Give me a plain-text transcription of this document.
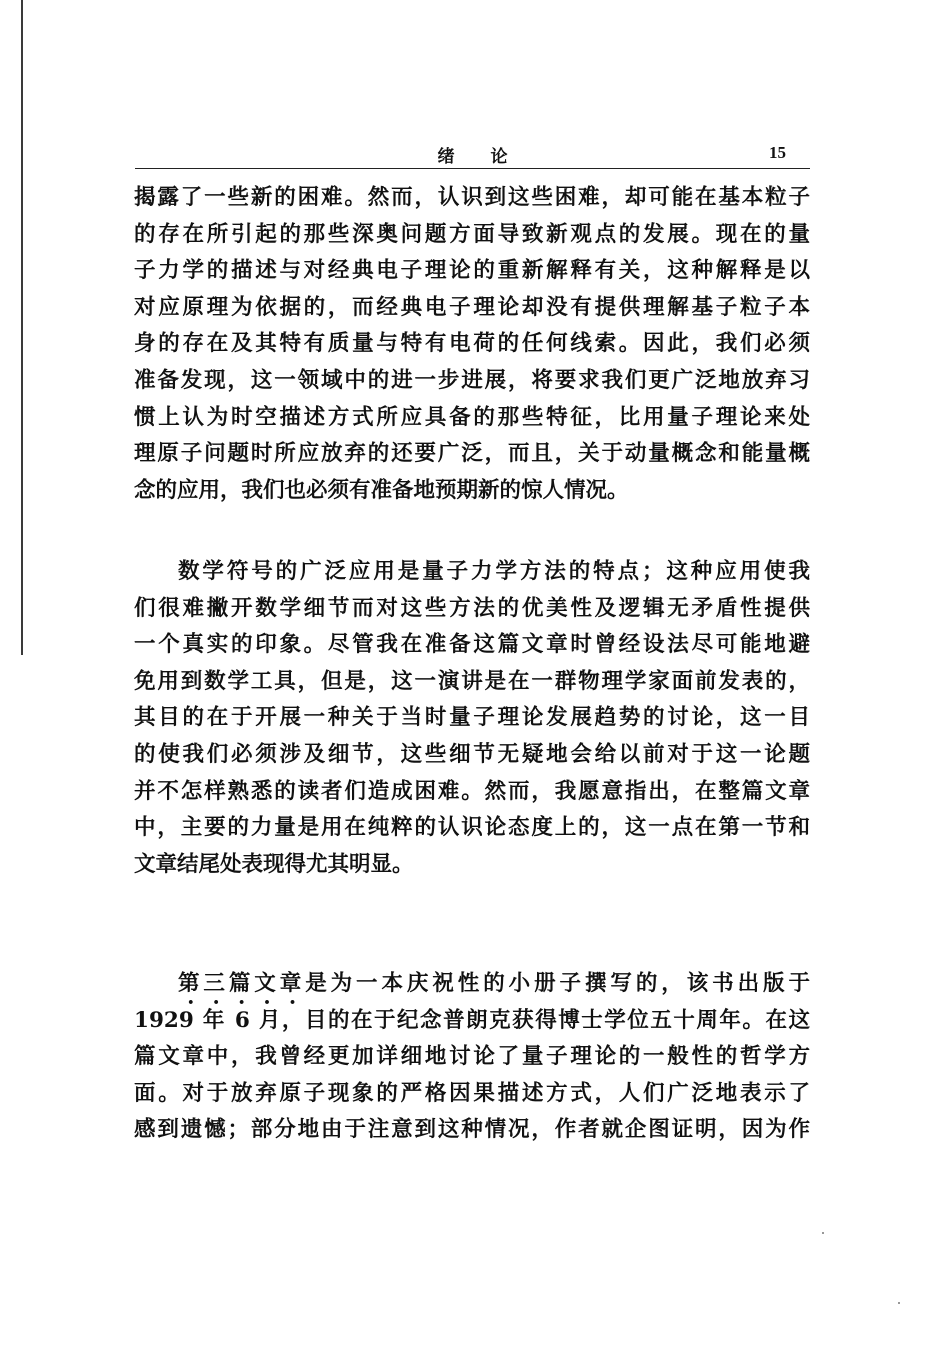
绪论	15
揭露了一些新的困难。然而，认识到这些困难，却可能在基本粒子
的存在所引起的那些深奥问题方面导致新观点的发展。现在的量
子力学的描述与对经典电子理论的重新解释有关，这种解释是以
对应原理为依据的，而经典电子理论却没有提供理解基子粒子本
身的存在及其特有质量与特有电荷的任何线索。因此，我们必须
准备发现，这一领域中的进一步进展，将要求我们更广泛地放弃习
惯上认为时空描述方式所应具备的那些特征，比用量子理论来处
理原子问题时所应放弃的还要广泛，而且，关于动量概念和能量概
念的应用，我们也必须有准备地预期新的惊人情况。
数学符号的广泛应用是量子力学方法的特点；这种应用使我
们很难撇开数学细节而对这些方法的优美性及逻辑无矛盾性提供
一个真实的印象。尽管我在准备这篇文章时曾经设法尽可能地避
免用到数学工具，但是，这一演讲是在一群物理学家面前发表的，
其目的在于开展一种关于当时量子理论发展趋势的讨论，这一目
的使我们必须涉及细节，这些细节无疑地会给以前对于这一论题
并不怎样熟悉的读者们造成困难。然而，我愿意指出，在整篇文章
中，主要的力量是用在纯粹的认识论态度上的，这一点在第一节和
文章结尾处表现得尤其明显。
第三篇文章是为一本庆祝性的小册子撰写的，该书出版于
1929 年 6 月，目的在于纪念普朗克获得博士学位五十周年。在这
篇文章中，我曾经更加详细地讨论了量子理论的一般性的哲学方
面。对于放弃原子现象的严格因果描述方式，人们广泛地表示了
感到遗憾；部分地由于注意到这种情况，作者就企图证明，因为作
